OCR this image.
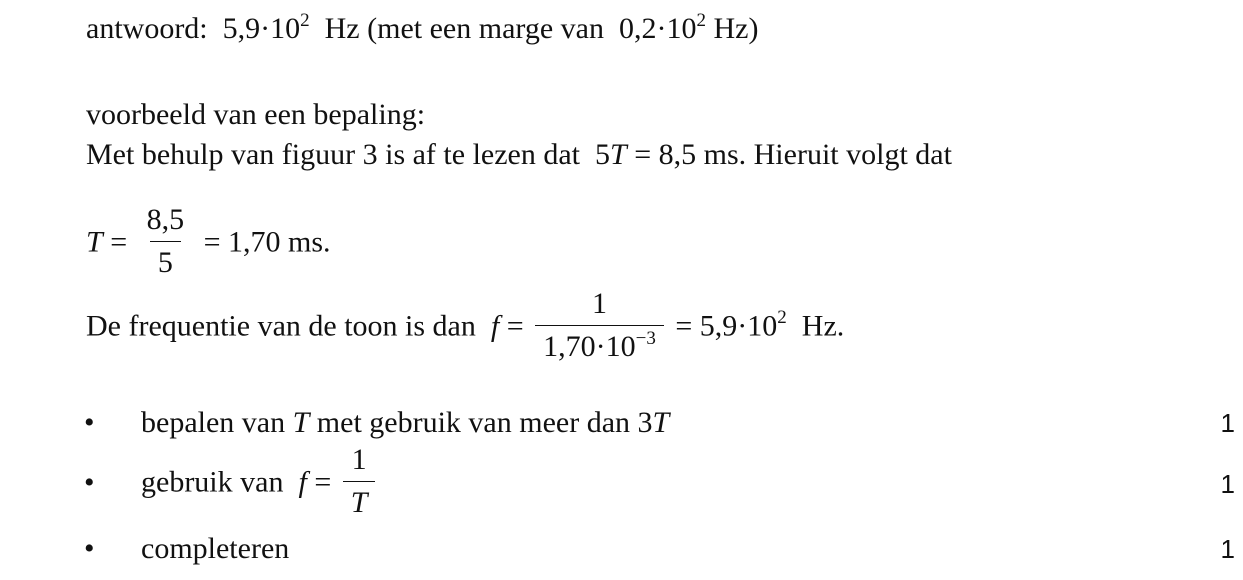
antwoord: $5,9\cdot 10^2$ Hz (met een marge van $0,2\cdot 10^2$ Hz)
voorbeeld van een bepaling:
Met behulp van figuur 3 is af te lezen dat 5T = 8,5 ms. Hieruit volgt dat
$T = \frac{8,5}{5} = 1,70$ ms.
De frequentie van de toon is dan $f = \frac{1}{1,70\cdot 10^{-3}} = 5,9\cdot 10^2$ Hz.
• bepalen van T met gebruik van meer dan 3T	1
• gebruik van $f = \frac{1}{T}$	1
• completeren	1
